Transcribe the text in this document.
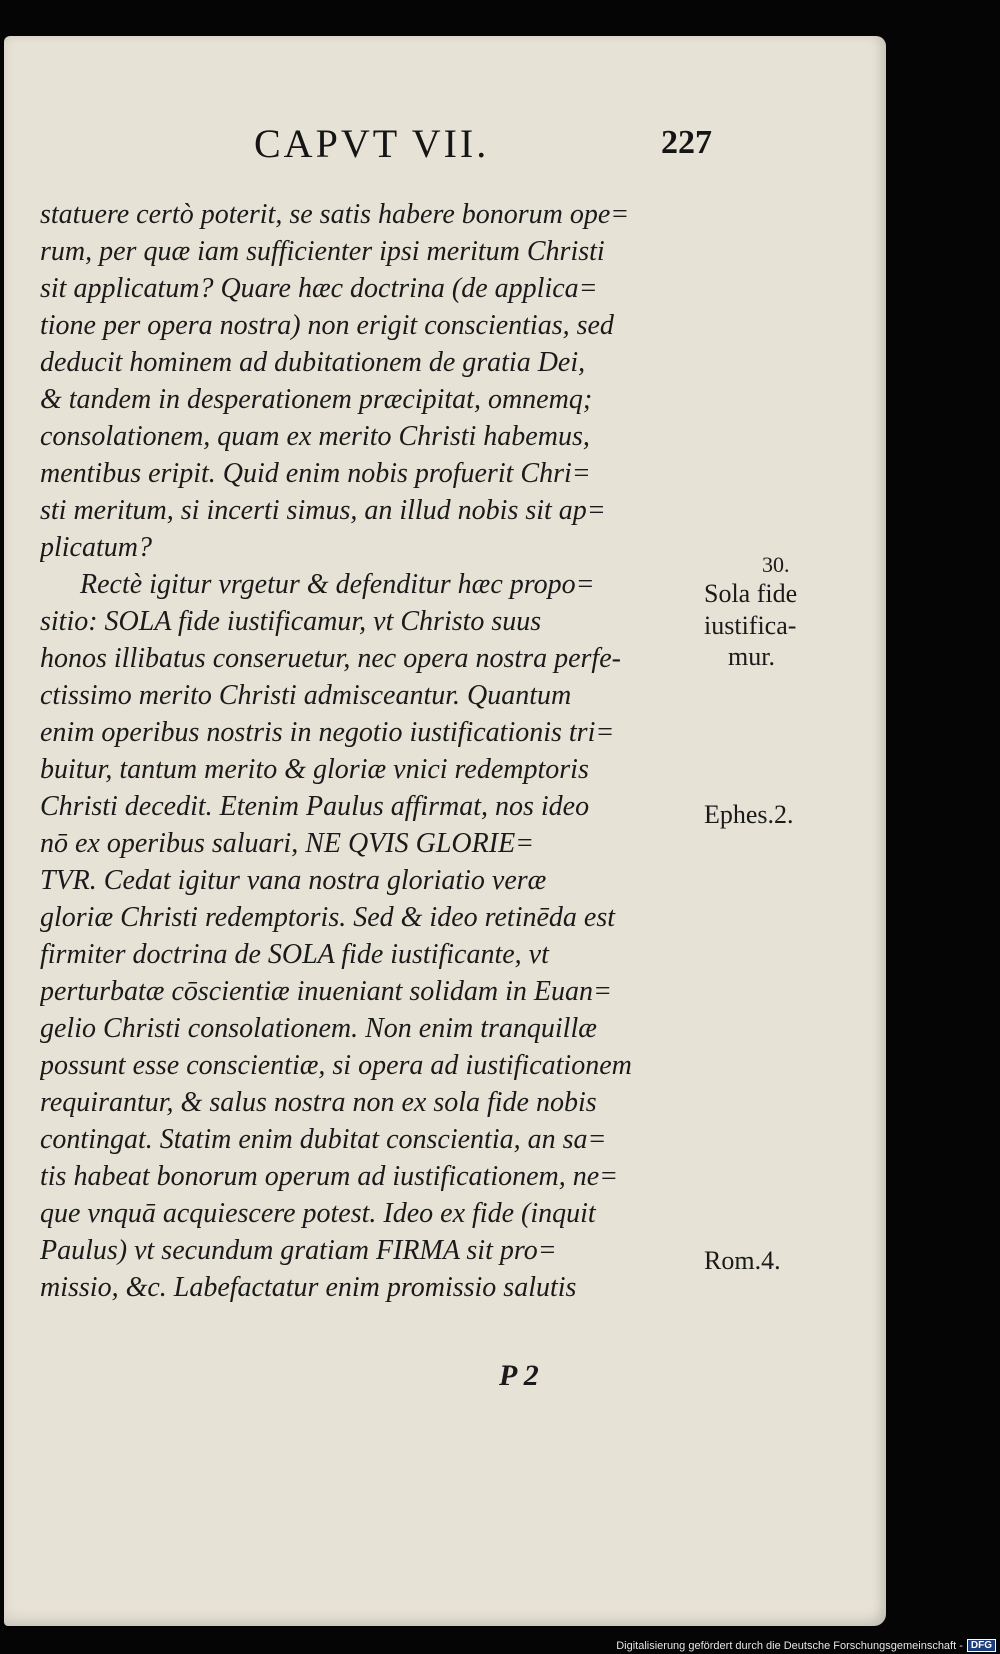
CAPVT VII.	227
statuere certò poterit, se satis habere bonorum ope=
rum, per quæ iam sufficienter ipsi meritum Christi
sit applicatum? Quare hæc doctrina (de applica=
tione per opera nostra) non erigit conscientias, sed
deducit hominem ad dubitationem de gratia Dei,
& tandem in desperationem præcipitat, omnemq;
consolationem, quam ex merito Christi habemus,
mentibus eripit. Quid enim nobis profuerit Chri=
sti meritum, si incerti simus, an illud nobis sit ap=
plicatum?
Rectè igitur vrgetur & defenditur hæc propo=
sitio: SOLA fide iustificamur, vt Christo suus
honos illibatus conseruetur, nec opera nostra perfe-
ctissimo merito Christi admisceantur. Quantum
enim operibus nostris in negotio iustificationis tri=
buitur, tantum merito & gloriæ vnici redemptoris
Christi decedit. Etenim Paulus affirmat, nos ideo
nō ex operibus saluari, NE QVIS GLORIE=
TVR. Cedat igitur vana nostra gloriatio veræ
gloriæ Christi redemptoris. Sed & ideo retinēda est
firmiter doctrina de SOLA fide iustificante, vt
perturbatæ cōscientiæ inueniant solidam in Euan=
gelio Christi consolationem. Non enim tranquillæ
possunt esse conscientiæ, si opera ad iustificationem
requirantur, & salus nostra non ex sola fide nobis
contingat. Statim enim dubitat conscientia, an sa=
tis habeat bonorum operum ad iustificationem, ne=
que vnquā acquiescere potest. Ideo ex fide (inquit
Paulus) vt secundum gratiam FIRMA sit pro=
missio, &c. Labefactatur enim promissio salutis
30.
Sola fide
iustifica-
mur.
Ephes.2.
Rom.4.
P 2
Digitalisierung gefördert durch die Deutsche Forschungsgemeinschaft - DFG
